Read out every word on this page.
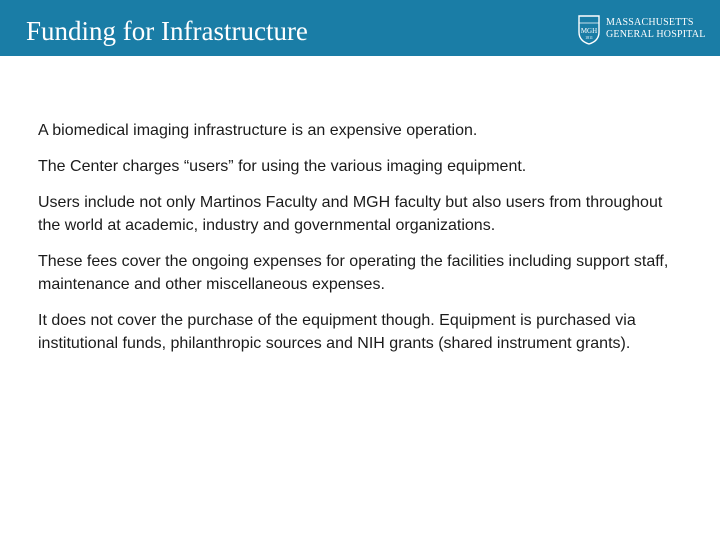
Funding for Infrastructure	MGH
1811
MASSACHUSETTS
GENERAL HOSPITAL

A biomedical imaging infrastructure is an expensive operation.

The Center charges “users” for using the various imaging equipment.

Users include not only Martinos Faculty and MGH faculty but also users from throughout the world at academic, industry and governmental organizations.

These fees cover the ongoing expenses for operating the facilities including support staff, maintenance and other miscellaneous expenses.

It does not cover the purchase of the equipment though. Equipment is purchased via institutional funds, philanthropic sources and NIH grants (shared instrument grants).
